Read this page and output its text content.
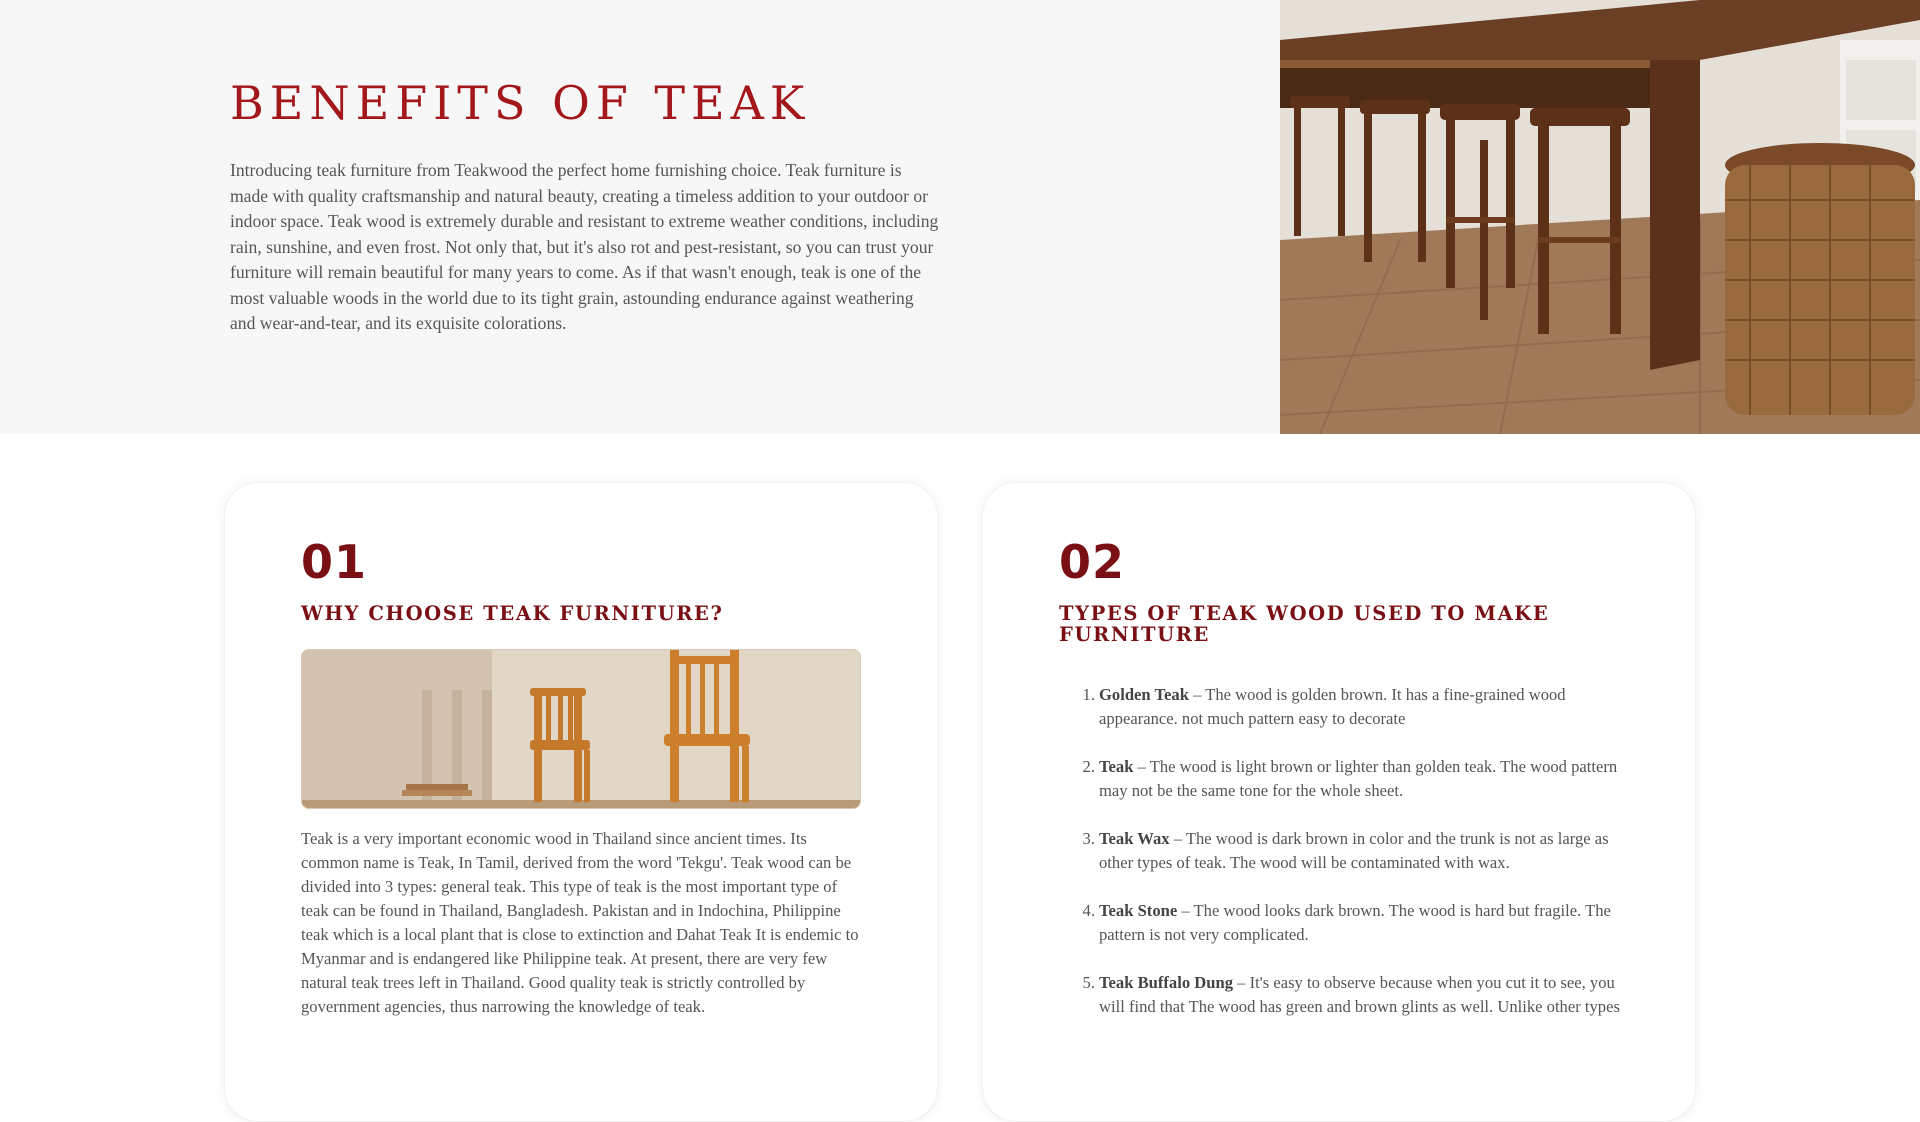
BENEFITS OF TEAK

Introducing teak furniture from Teakwood the perfect home furnishing choice. Teak furniture is made with quality craftsmanship and natural beauty, creating a timeless addition to your outdoor or indoor space. Teak wood is extremely durable and resistant to extreme weather conditions, including rain, sunshine, and even frost. Not only that, but it's also rot and pest-resistant, so you can trust your furniture will remain beautiful for many years to come. As if that wasn't enough, teak is one of the most valuable woods in the world due to its tight grain, astounding endurance against weathering and wear-and-tear, and its exquisite colorations.

01
WHY CHOOSE TEAK FURNITURE?

Teak is a very important economic wood in Thailand since ancient times. Its common name is Teak, In Tamil, derived from the word 'Tekgu'. Teak wood can be divided into 3 types: general teak. This type of teak is the most important type of teak can be found in Thailand, Bangladesh. Pakistan and in Indochina, Philippine teak which is a local plant that is close to extinction and Dahat Teak It is endemic to Myanmar and is endangered like Philippine teak. At present, there are very few natural teak trees left in Thailand. Good quality teak is strictly controlled by government agencies, thus narrowing the knowledge of teak.

02
TYPES OF TEAK WOOD USED TO MAKE FURNITURE
1. Golden Teak – The wood is golden brown. It has a fine-grained wood appearance. not much pattern easy to decorate
2. Teak – The wood is light brown or lighter than golden teak. The wood pattern may not be the same tone for the whole sheet.
3. Teak Wax – The wood is dark brown in color and the trunk is not as large as other types of teak. The wood will be contaminated with wax.
4. Teak Stone – The wood looks dark brown. The wood is hard but fragile. The pattern is not very complicated.
5. Teak Buffalo Dung – It's easy to observe because when you cut it to see, you will find that The wood has green and brown glints as well. Unlike other types
